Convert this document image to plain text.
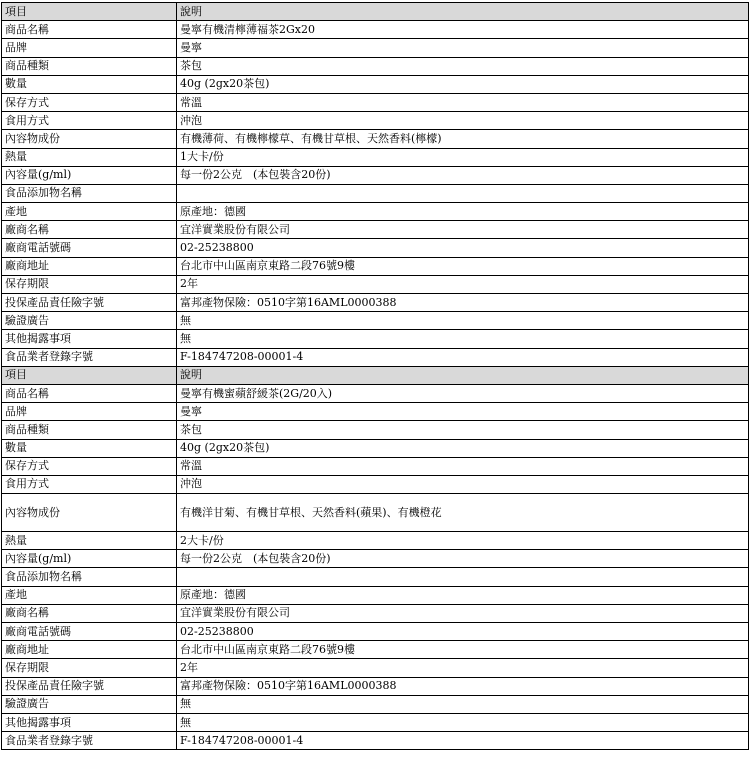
項目	說明
商品名稱	曼寧有機清檸薄福茶2Gx20
品牌	曼寧
商品種類	茶包
數量	40g (2gx20茶包)
保存方式	常溫
食用方式	沖泡
內容物成份	有機薄荷、有機檸檬草、有機甘草根、天然香料(檸檬)
熱量	1大卡/份
內容量(g/ml)	每一份2公克　(本包裝含20份)
食品添加物名稱	
產地	原產地：德國
廠商名稱	宜洋實業股份有限公司
廠商電話號碼	02-25238800
廠商地址	台北市中山區南京東路二段76號9樓
保存期限	2年
投保產品責任險字號	富邦產物保險：0510字第16AML0000388
驗證廣告	無
其他揭露事項	無
食品業者登錄字號	F-184747208-00001-4
項目	說明
商品名稱	曼寧有機蜜蘋舒緩茶(2G/20入)
品牌	曼寧
商品種類	茶包
數量	40g (2gx20茶包)
保存方式	常溫
食用方式	沖泡
內容物成份	有機洋甘菊、有機甘草根、天然香料(蘋果)、有機橙花
熱量	2大卡/份
內容量(g/ml)	每一份2公克　(本包裝含20份)
食品添加物名稱	
產地	原產地：德國
廠商名稱	宜洋實業股份有限公司
廠商電話號碼	02-25238800
廠商地址	台北市中山區南京東路二段76號9樓
保存期限	2年
投保產品責任險字號	富邦產物保險：0510字第16AML0000388
驗證廣告	無
其他揭露事項	無
食品業者登錄字號	F-184747208-00001-4
